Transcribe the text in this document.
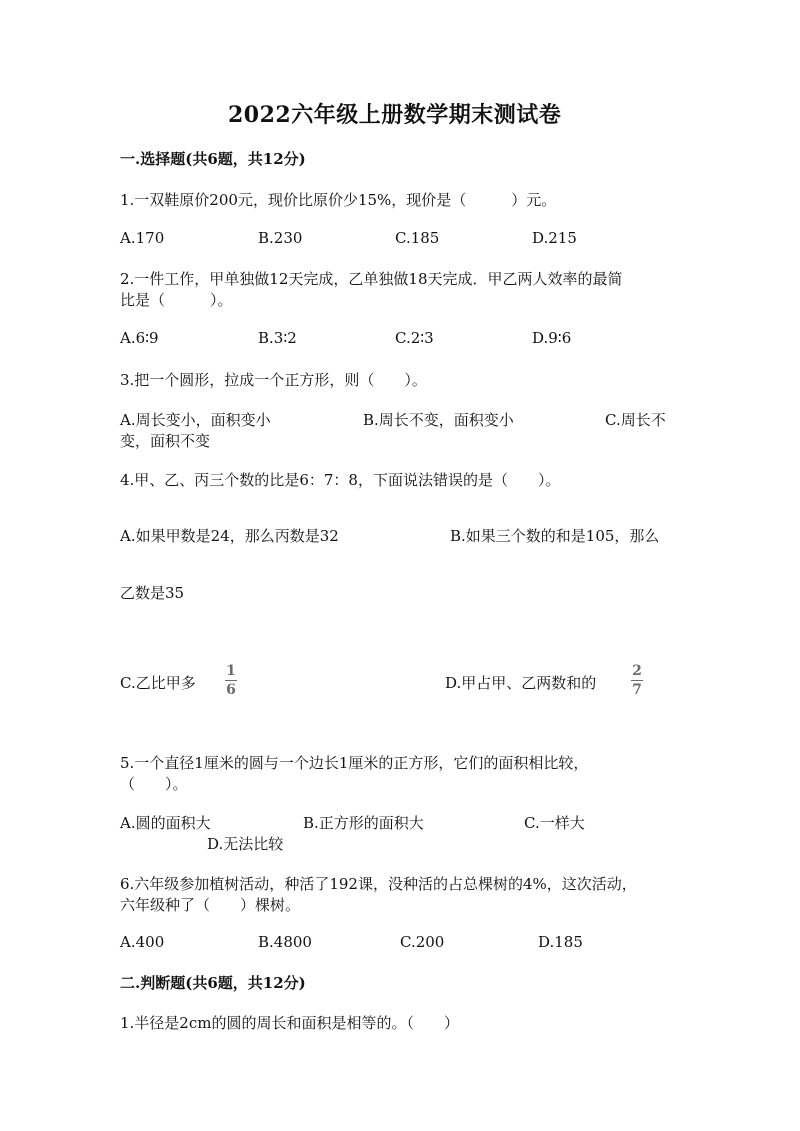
2022六年级上册数学期末测试卷
一.选择题(共6题，共12分)
1.一双鞋原价200元，现价比原价少15%，现价是（　　　）元。
A.170	B.230	C.185	D.215
2.一件工作，甲单独做12天完成，乙单独做18天完成．甲乙两人效率的最简
比是（　　　）。
A.6∶9	B.3∶2	C.2∶3	D.9∶6
3.把一个圆形，拉成一个正方形，则（　　）。
A.周长变小，面积变小	B.周长不变，面积变小	C.周长不
变，面积不变
4.甲、乙、丙三个数的比是6：7：8，下面说法错误的是（　　）。
A.如果甲数是24，那么丙数是32	B.如果三个数的和是105，那么
乙数是35
C.乙比甲多
1
6	D.甲占甲、乙两数和的
2
7
5.一个直径1厘米的圆与一个边长1厘米的正方形，它们的面积相比较，
（　　）。
A.圆的面积大	B.正方形的面积大	C.一样大
D.无法比较
6.六年级参加植树活动，种活了192课，没种活的占总棵树的4%，这次活动，
六年级种了（　　）棵树。
A.400	B.4800	C.200	D.185
二.判断题(共6题，共12分)
1.半径是2cm的圆的周长和面积是相等的。（　　）
